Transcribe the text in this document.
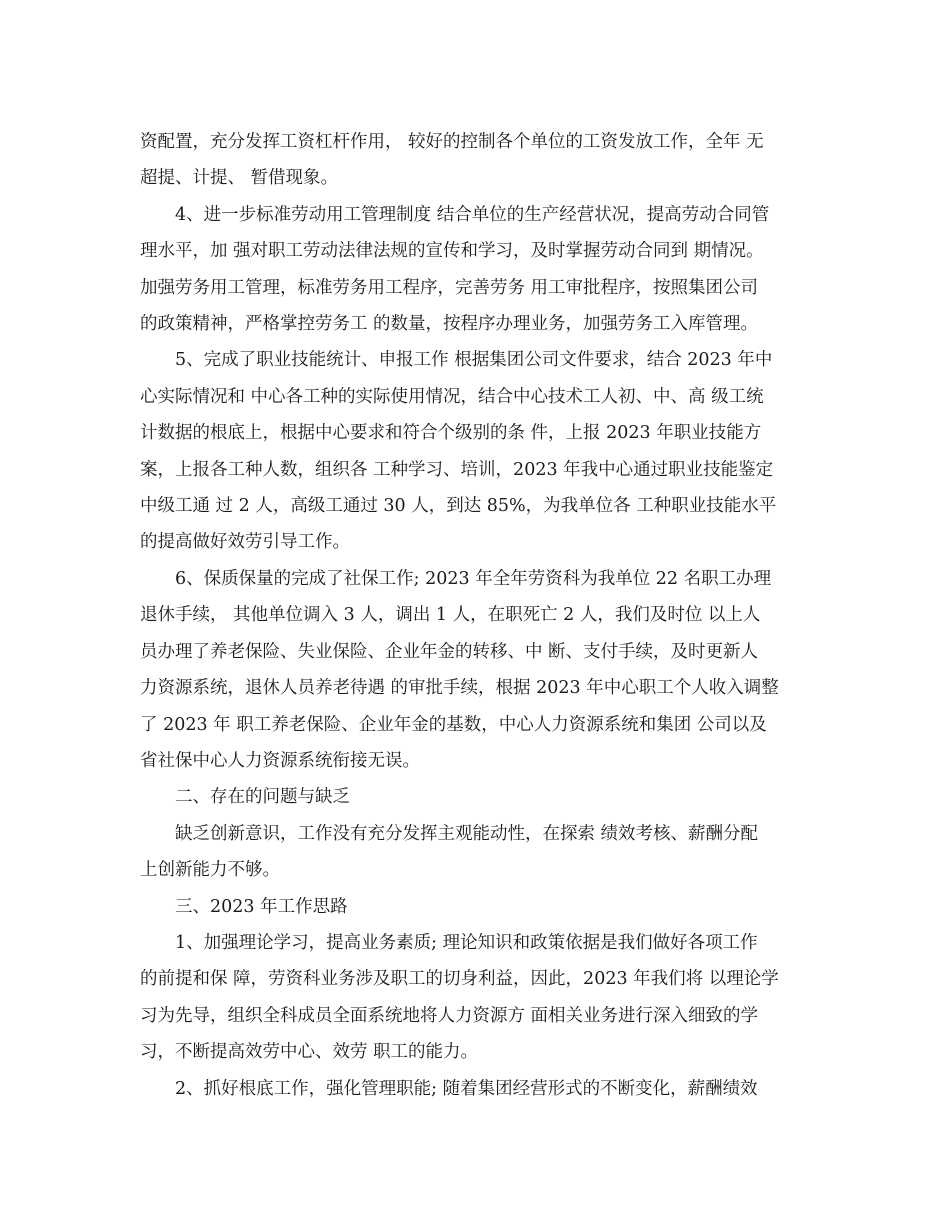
资配置，充分发挥工资杠杆作用， 较好的控制各个单位的工资发放工作，全年 无
超提、计提、 暂借现象。

4、进一步标准劳动用工管理制度 结合单位的生产经营状况，提高劳动合同管
理水平，加 强对职工劳动法律法规的宣传和学习，及时掌握劳动合同到 期情况。
加强劳务用工管理，标准劳务用工程序，完善劳务 用工审批程序，按照集团公司
的政策精神，严格掌控劳务工 的数量，按程序办理业务，加强劳务工入库管理。

5、完成了职业技能统计、申报工作 根据集团公司文件要求，结合 2023 年中
心实际情况和 中心各工种的实际使用情况，结合中心技术工人初、中、高 级工统
计数据的根底上，根据中心要求和符合个级别的条 件，上报 2023 年职业技能方
案，上报各工种人数，组织各 工种学习、培训，2023 年我中心通过职业技能鉴定
中级工通 过 2 人，高级工通过 30 人，到达 85%，为我单位各 工种职业技能水平
的提高做好效劳引导工作。

6、保质保量的完成了社保工作; 2023 年全年劳资科为我单位 22 名职工办理
退休手续， 其他单位调入 3 人，调出 1 人，在职死亡 2 人，我们及时位 以上人
员办理了养老保险、失业保险、企业年金的转移、中 断、支付手续，及时更新人
力资源系统，退休人员养老待遇 的审批手续，根据 2023 年中心职工个人收入调整
了 2023 年 职工养老保险、企业年金的基数，中心人力资源系统和集团 公司以及
省社保中心人力资源系统衔接无误。

二、存在的问题与缺乏

缺乏创新意识，工作没有充分发挥主观能动性，在探索 绩效考核、薪酬分配
上创新能力不够。

三、2023 年工作思路

1、加强理论学习，提高业务素质; 理论知识和政策依据是我们做好各项工作
的前提和保 障，劳资科业务涉及职工的切身利益，因此，2023 年我们将 以理论学
习为先导，组织全科成员全面系统地将人力资源方 面相关业务进行深入细致的学
习，不断提高效劳中心、效劳 职工的能力。

2、抓好根底工作，强化管理职能; 随着集团经营形式的不断变化，薪酬绩效
